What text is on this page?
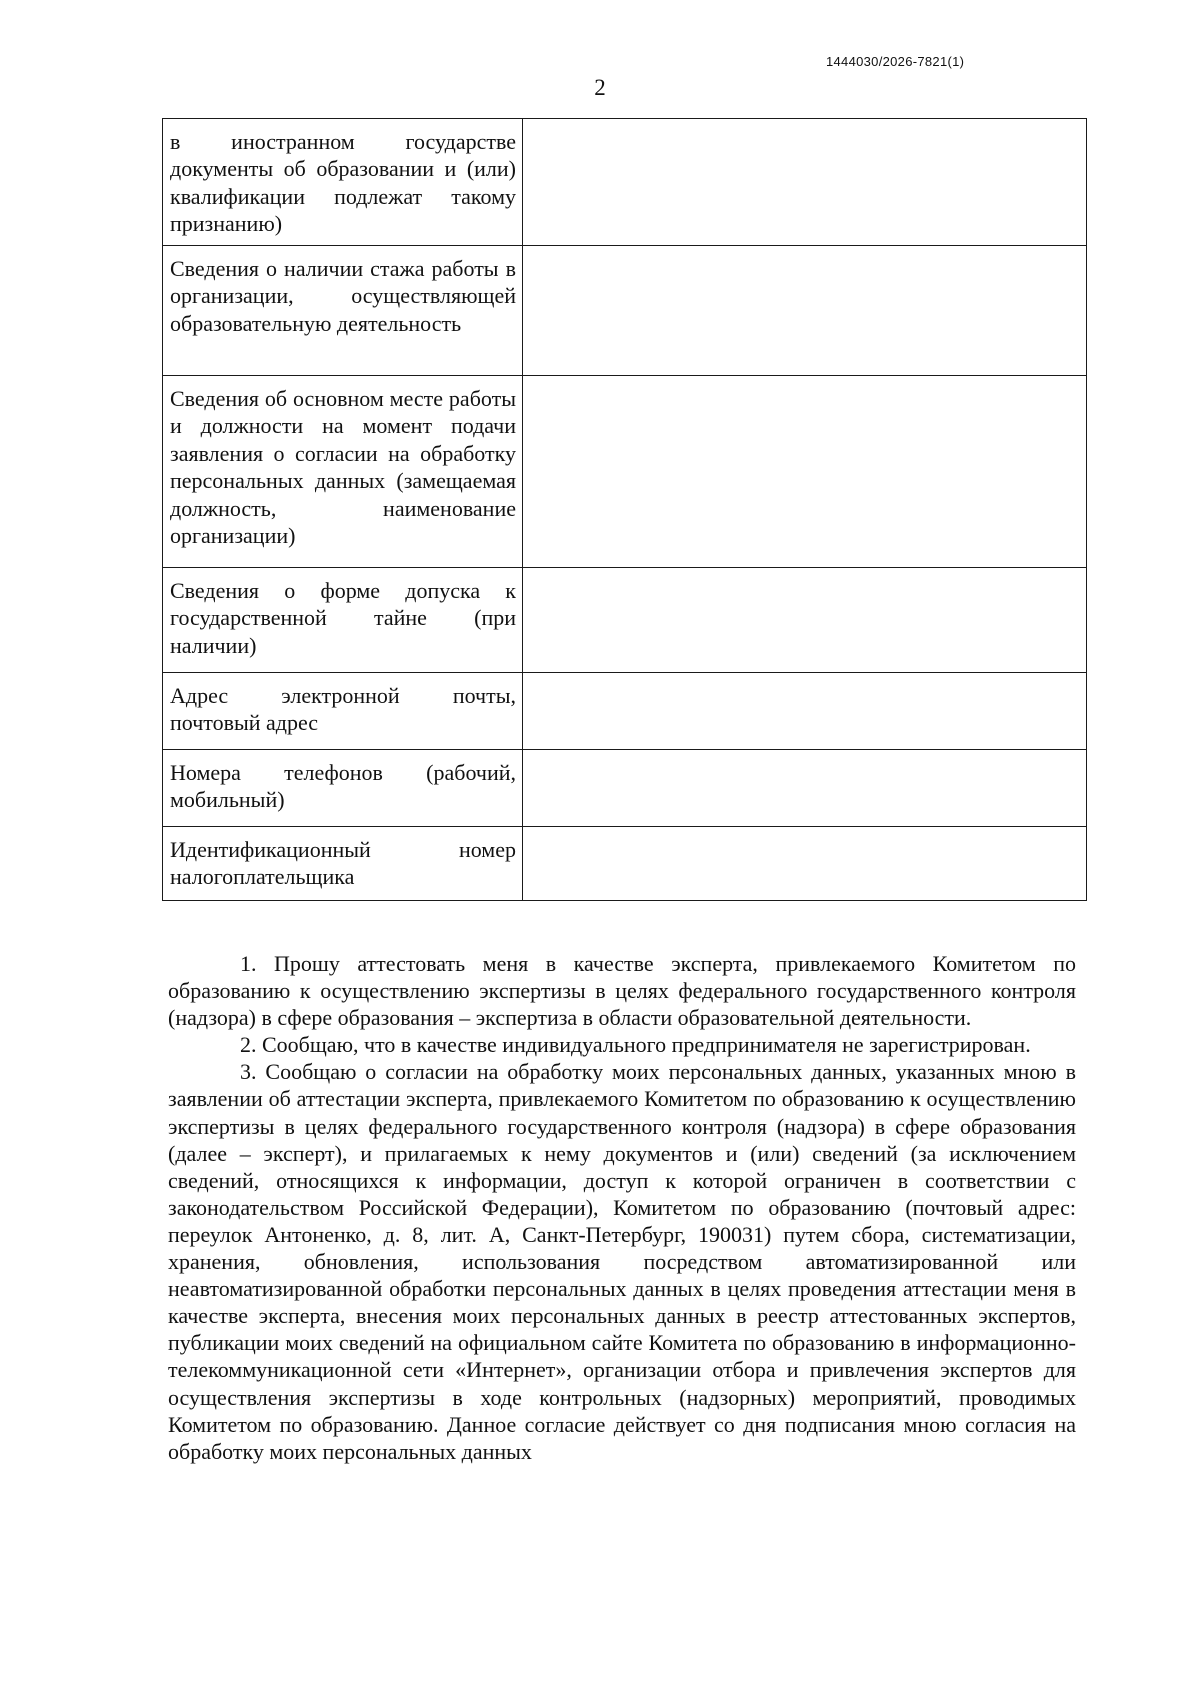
1444030/2026-7821(1)
2
в иностранном государстве документы об образовании и (или) квалификации подлежат такому признанию)	
Сведения о наличии стажа работы в организации, осуществляющей образовательную деятельность	
Сведения об основном месте работы и должности на момент подачи заявления о согласии на обработку персональных данных (замещаемая должность, наименование организации)	
Сведения о форме допуска к государственной тайне (при наличии)	
Адрес электронной почты, почтовый адрес	
Номера телефонов (рабочий, мобильный)	
Идентификационный номер налогоплательщика	

1. Прошу аттестовать меня в качестве эксперта, привлекаемого Комитетом по образованию к осуществлению экспертизы в целях федерального государственного контроля (надзора) в сфере образования – экспертиза в области образовательной деятельности.

2. Сообщаю, что в качестве индивидуального предпринимателя не зарегистрирован.

3. Сообщаю о согласии на обработку моих персональных данных, указанных мною в заявлении об аттестации эксперта, привлекаемого Комитетом по образованию к осуществлению экспертизы в целях федерального государственного контроля (надзора) в сфере образования (далее – эксперт), и прилагаемых к нему документов и (или) сведений (за исключением сведений, относящихся к информации, доступ к которой ограничен в соответствии с законодательством Российской Федерации), Комитетом по образованию (почтовый адрес: переулок Антоненко, д. 8, лит. А, Санкт-Петербург, 190031) путем сбора, систематизации, хранения, обновления, использования посредством автоматизированной или неавтоматизированной обработки персональных данных в целях проведения аттестации меня в качестве эксперта, внесения моих персональных данных в реестр аттестованных экспертов, публикации моих сведений на официальном сайте Комитета по образованию в информационно-телекоммуникационной сети «Интернет», организации отбора и привлечения экспертов для осуществления экспертизы в ходе контрольных (надзорных) мероприятий, проводимых Комитетом по образованию. Данное согласие действует со дня подписания мною согласия на обработку моих персональных данных
